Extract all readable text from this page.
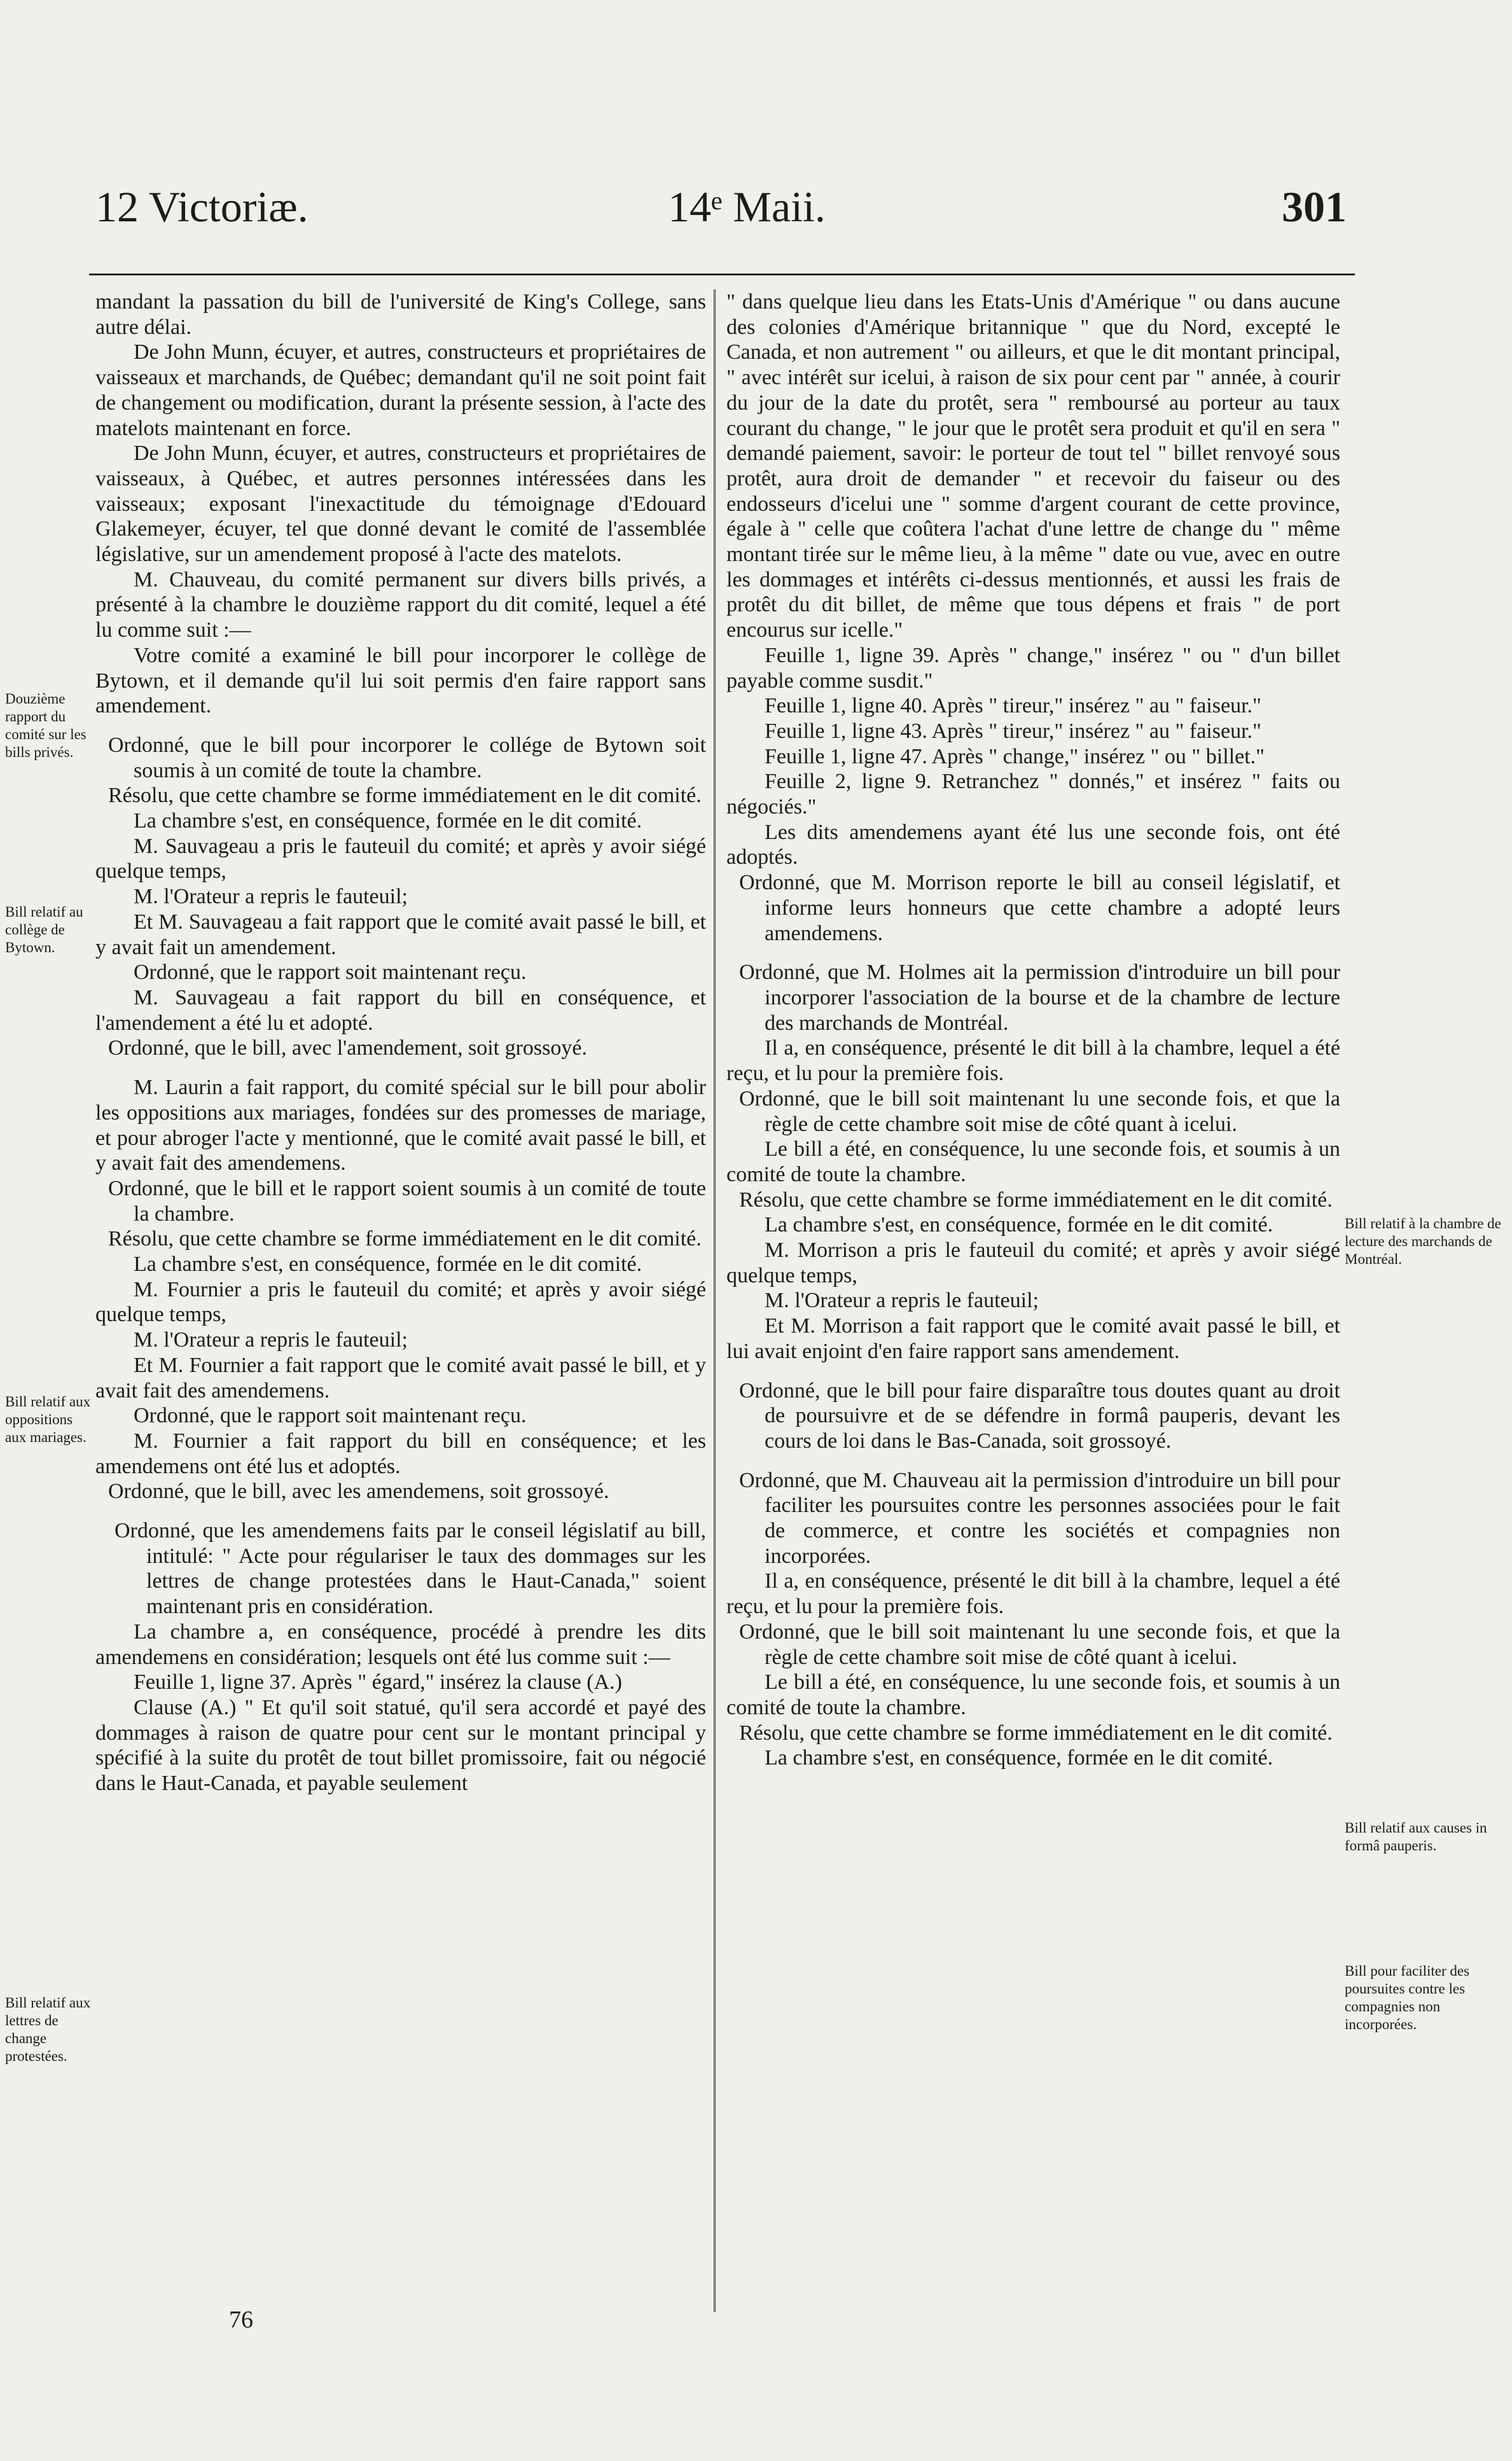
12 Victoriæ.	14ᵉ Maii.	301

mandant la passation du bill de l'université de King's College, sans autre délai.

De John Munn, écuyer, et autres, constructeurs et propriétaires de vaisseaux et marchands, de Québec; demandant qu'il ne soit point fait de changement ou modification, durant la présente session, à l'acte des matelots maintenant en force.

De John Munn, écuyer, et autres, constructeurs et propriétaires de vaisseaux, à Québec, et autres personnes intéressées dans les vaisseaux; exposant l'inexactitude du témoignage d'Edouard Glakemeyer, écuyer, tel que donné devant le comité de l'assemblée législative, sur un amendement proposé à l'acte des matelots.

M. Chauveau, du comité permanent sur divers bills privés, a présenté à la chambre le douzième rapport du dit comité, lequel a été lu comme suit :—

Votre comité a examiné le bill pour incorporer le collège de Bytown, et il demande qu'il lui soit permis d'en faire rapport sans amendement.

Ordonné, que le bill pour incorporer le collége de Bytown soit soumis à un comité de toute la chambre.

Résolu, que cette chambre se forme immédiatement en le dit comité.

La chambre s'est, en conséquence, formée en le dit comité.

M. Sauvageau a pris le fauteuil du comité; et après y avoir siégé quelque temps,

M. l'Orateur a repris le fauteuil;

Et M. Sauvageau a fait rapport que le comité avait passé le bill, et y avait fait un amendement.

Ordonné, que le rapport soit maintenant reçu.

M. Sauvageau a fait rapport du bill en conséquence, et l'amendement a été lu et adopté.

Ordonné, que le bill, avec l'amendement, soit grossoyé.

M. Laurin a fait rapport, du comité spécial sur le bill pour abolir les oppositions aux mariages, fondées sur des promesses de mariage, et pour abroger l'acte y mentionné, que le comité avait passé le bill, et y avait fait des amendemens.

Ordonné, que le bill et le rapport soient soumis à un comité de toute la chambre.

Résolu, que cette chambre se forme immédiatement en le dit comité.

La chambre s'est, en conséquence, formée en le dit comité.

M. Fournier a pris le fauteuil du comité; et après y avoir siégé quelque temps,

M. l'Orateur a repris le fauteuil;

Et M. Fournier a fait rapport que le comité avait passé le bill, et y avait fait des amendemens.

Ordonné, que le rapport soit maintenant reçu.

M. Fournier a fait rapport du bill en conséquence; et les amendemens ont été lus et adoptés.

Ordonné, que le bill, avec les amendemens, soit grossoyé.

Ordonné, que les amendemens faits par le conseil législatif au bill, intitulé: " Acte pour régulariser le taux des dommages sur les lettres de change protestées dans le Haut-Canada," soient maintenant pris en considération.

La chambre a, en conséquence, procédé à prendre les dits amendemens en considération; lesquels ont été lus comme suit :—

Feuille 1, ligne 37. Après " égard," insérez la clause (A.)

Clause (A.) " Et qu'il soit statué, qu'il sera accordé et payé des dommages à raison de quatre pour cent sur le montant principal y spécifié à la suite du protêt de tout billet promissoire, fait ou négocié dans le Haut-Canada, et payable seulement

" dans quelque lieu dans les Etats-Unis d'Amérique " ou dans aucune des colonies d'Amérique britannique " que du Nord, excepté le Canada, et non autrement " ou ailleurs, et que le dit montant principal, " avec intérêt sur icelui, à raison de six pour cent par " année, à courir du jour de la date du protêt, sera " remboursé au porteur au taux courant du change, " le jour que le protêt sera produit et qu'il en sera " demandé paiement, savoir: le porteur de tout tel " billet renvoyé sous protêt, aura droit de demander " et recevoir du faiseur ou des endosseurs d'icelui une " somme d'argent courant de cette province, égale à " celle que coûtera l'achat d'une lettre de change du " même montant tirée sur le même lieu, à la même " date ou vue, avec en outre les dommages et intérêts ci-dessus mentionnés, et aussi les frais de protêt du dit billet, de même que tous dépens et frais " de port encourus sur icelle."

Feuille 1, ligne 39. Après " change," insérez " ou " d'un billet payable comme susdit."

Feuille 1, ligne 40. Après " tireur," insérez " au " faiseur."

Feuille 1, ligne 43. Après " tireur," insérez " au " faiseur."

Feuille 1, ligne 47. Après " change," insérez " ou " billet."

Feuille 2, ligne 9. Retranchez " donnés," et insérez " faits ou négociés."

Les dits amendemens ayant été lus une seconde fois, ont été adoptés.

Ordonné, que M. Morrison reporte le bill au conseil législatif, et informe leurs honneurs que cette chambre a adopté leurs amendemens.

Ordonné, que M. Holmes ait la permission d'introduire un bill pour incorporer l'association de la bourse et de la chambre de lecture des marchands de Montréal.

Il a, en conséquence, présenté le dit bill à la chambre, lequel a été reçu, et lu pour la première fois.

Ordonné, que le bill soit maintenant lu une seconde fois, et que la règle de cette chambre soit mise de côté quant à icelui.

Le bill a été, en conséquence, lu une seconde fois, et soumis à un comité de toute la chambre.

Résolu, que cette chambre se forme immédiatement en le dit comité.

La chambre s'est, en conséquence, formée en le dit comité.

M. Morrison a pris le fauteuil du comité; et après y avoir siégé quelque temps,

M. l'Orateur a repris le fauteuil;

Et M. Morrison a fait rapport que le comité avait passé le bill, et lui avait enjoint d'en faire rapport sans amendement.

Ordonné, que le bill pour faire disparaître tous doutes quant au droit de poursuivre et de se défendre in formâ pauperis, devant les cours de loi dans le Bas-Canada, soit grossoyé.

Ordonné, que M. Chauveau ait la permission d'introduire un bill pour faciliter les poursuites contre les personnes associées pour le fait de commerce, et contre les sociétés et compagnies non incorporées.

Il a, en conséquence, présenté le dit bill à la chambre, lequel a été reçu, et lu pour la première fois.

Ordonné, que le bill soit maintenant lu une seconde fois, et que la règle de cette chambre soit mise de côté quant à icelui.

Le bill a été, en conséquence, lu une seconde fois, et soumis à un comité de toute la chambre.

Résolu, que cette chambre se forme immédiatement en le dit comité.

La chambre s'est, en conséquence, formée en le dit comité.

Douzième rapport du comité sur les bills privés.
Bill relatif au collège de Bytown.
Bill relatif aux oppositions aux mariages.
Bill relatif aux lettres de change protestées.
Bill relatif à la chambre de lecture des marchands de Montréal.
Bill relatif aux causes in formâ pauperis.
Bill pour faciliter des poursuites contre les compagnies non incorporées.
76
